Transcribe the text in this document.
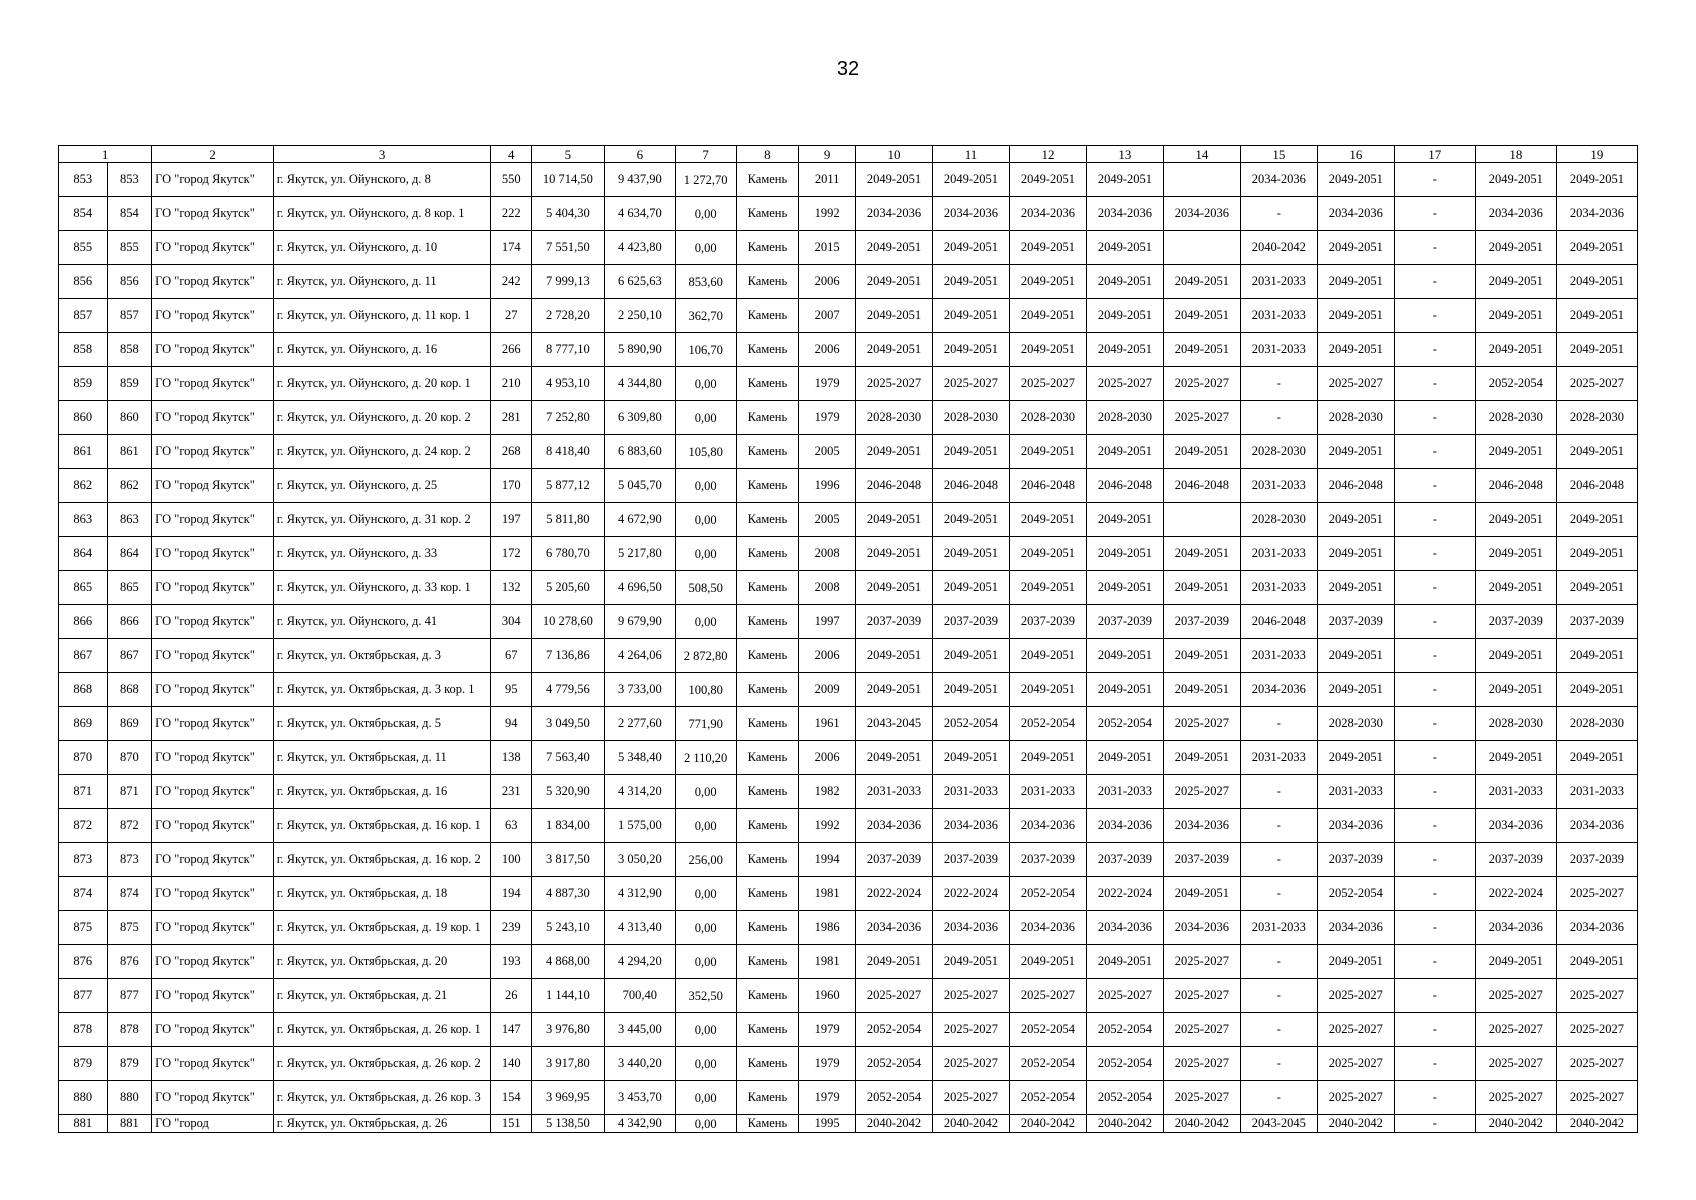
32
1		2	3	4	5	6	7	8	9	10	11	12	13	14	15	16	17	18	19
853	853	ГО "город Якутск"	г. Якутск, ул. Ойунского, д. 8	550	10 714,50	9 437,90	1 272,70	Камень	2011	2049-2051	2049-2051	2049-2051	2049-2051		2034-2036	2049-2051	-	2049-2051	2049-2051
854	854	ГО "город Якутск"	г. Якутск, ул. Ойунского, д. 8 кор. 1	222	5 404,30	4 634,70	0,00	Камень	1992	2034-2036	2034-2036	2034-2036	2034-2036	2034-2036	-	2034-2036	-	2034-2036	2034-2036
855	855	ГО "город Якутск"	г. Якутск, ул. Ойунского, д. 10	174	7 551,50	4 423,80	0,00	Камень	2015	2049-2051	2049-2051	2049-2051	2049-2051		2040-2042	2049-2051	-	2049-2051	2049-2051
856	856	ГО "город Якутск"	г. Якутск, ул. Ойунского, д. 11	242	7 999,13	6 625,63	853,60	Камень	2006	2049-2051	2049-2051	2049-2051	2049-2051	2049-2051	2031-2033	2049-2051	-	2049-2051	2049-2051
857	857	ГО "город Якутск"	г. Якутск, ул. Ойунского, д. 11 кор. 1	27	2 728,20	2 250,10	362,70	Камень	2007	2049-2051	2049-2051	2049-2051	2049-2051	2049-2051	2031-2033	2049-2051	-	2049-2051	2049-2051
858	858	ГО "город Якутск"	г. Якутск, ул. Ойунского, д. 16	266	8 777,10	5 890,90	106,70	Камень	2006	2049-2051	2049-2051	2049-2051	2049-2051	2049-2051	2031-2033	2049-2051	-	2049-2051	2049-2051
859	859	ГО "город Якутск"	г. Якутск, ул. Ойунского, д. 20 кор. 1	210	4 953,10	4 344,80	0,00	Камень	1979	2025-2027	2025-2027	2025-2027	2025-2027	2025-2027	-	2025-2027	-	2052-2054	2025-2027
860	860	ГО "город Якутск"	г. Якутск, ул. Ойунского, д. 20 кор. 2	281	7 252,80	6 309,80	0,00	Камень	1979	2028-2030	2028-2030	2028-2030	2028-2030	2025-2027	-	2028-2030	-	2028-2030	2028-2030
861	861	ГО "город Якутск"	г. Якутск, ул. Ойунского, д. 24 кор. 2	268	8 418,40	6 883,60	105,80	Камень	2005	2049-2051	2049-2051	2049-2051	2049-2051	2049-2051	2028-2030	2049-2051	-	2049-2051	2049-2051
862	862	ГО "город Якутск"	г. Якутск, ул. Ойунского, д. 25	170	5 877,12	5 045,70	0,00	Камень	1996	2046-2048	2046-2048	2046-2048	2046-2048	2046-2048	2031-2033	2046-2048	-	2046-2048	2046-2048
863	863	ГО "город Якутск"	г. Якутск, ул. Ойунского, д. 31 кор. 2	197	5 811,80	4 672,90	0,00	Камень	2005	2049-2051	2049-2051	2049-2051	2049-2051		2028-2030	2049-2051	-	2049-2051	2049-2051
864	864	ГО "город Якутск"	г. Якутск, ул. Ойунского, д. 33	172	6 780,70	5 217,80	0,00	Камень	2008	2049-2051	2049-2051	2049-2051	2049-2051	2049-2051	2031-2033	2049-2051	-	2049-2051	2049-2051
865	865	ГО "город Якутск"	г. Якутск, ул. Ойунского, д. 33 кор. 1	132	5 205,60	4 696,50	508,50	Камень	2008	2049-2051	2049-2051	2049-2051	2049-2051	2049-2051	2031-2033	2049-2051	-	2049-2051	2049-2051
866	866	ГО "город Якутск"	г. Якутск, ул. Ойунского, д. 41	304	10 278,60	9 679,90	0,00	Камень	1997	2037-2039	2037-2039	2037-2039	2037-2039	2037-2039	2046-2048	2037-2039	-	2037-2039	2037-2039
867	867	ГО "город Якутск"	г. Якутск, ул. Октябрьская, д. 3	67	7 136,86	4 264,06	2 872,80	Камень	2006	2049-2051	2049-2051	2049-2051	2049-2051	2049-2051	2031-2033	2049-2051	-	2049-2051	2049-2051
868	868	ГО "город Якутск"	г. Якутск, ул. Октябрьская, д. 3 кор. 1	95	4 779,56	3 733,00	100,80	Камень	2009	2049-2051	2049-2051	2049-2051	2049-2051	2049-2051	2034-2036	2049-2051	-	2049-2051	2049-2051
869	869	ГО "город Якутск"	г. Якутск, ул. Октябрьская, д. 5	94	3 049,50	2 277,60	771,90	Камень	1961	2043-2045	2052-2054	2052-2054	2052-2054	2025-2027	-	2028-2030	-	2028-2030	2028-2030
870	870	ГО "город Якутск"	г. Якутск, ул. Октябрьская, д. 11	138	7 563,40	5 348,40	2 110,20	Камень	2006	2049-2051	2049-2051	2049-2051	2049-2051	2049-2051	2031-2033	2049-2051	-	2049-2051	2049-2051
871	871	ГО "город Якутск"	г. Якутск, ул. Октябрьская, д. 16	231	5 320,90	4 314,20	0,00	Камень	1982	2031-2033	2031-2033	2031-2033	2031-2033	2025-2027	-	2031-2033	-	2031-2033	2031-2033
872	872	ГО "город Якутск"	г. Якутск, ул. Октябрьская, д. 16 кор. 1	63	1 834,00	1 575,00	0,00	Камень	1992	2034-2036	2034-2036	2034-2036	2034-2036	2034-2036	-	2034-2036	-	2034-2036	2034-2036
873	873	ГО "город Якутск"	г. Якутск, ул. Октябрьская, д. 16 кор. 2	100	3 817,50	3 050,20	256,00	Камень	1994	2037-2039	2037-2039	2037-2039	2037-2039	2037-2039	-	2037-2039	-	2037-2039	2037-2039
874	874	ГО "город Якутск"	г. Якутск, ул. Октябрьская, д. 18	194	4 887,30	4 312,90	0,00	Камень	1981	2022-2024	2022-2024	2052-2054	2022-2024	2049-2051	-	2052-2054	-	2022-2024	2025-2027
875	875	ГО "город Якутск"	г. Якутск, ул. Октябрьская, д. 19 кор. 1	239	5 243,10	4 313,40	0,00	Камень	1986	2034-2036	2034-2036	2034-2036	2034-2036	2034-2036	2031-2033	2034-2036	-	2034-2036	2034-2036
876	876	ГО "город Якутск"	г. Якутск, ул. Октябрьская, д. 20	193	4 868,00	4 294,20	0,00	Камень	1981	2049-2051	2049-2051	2049-2051	2049-2051	2025-2027	-	2049-2051	-	2049-2051	2049-2051
877	877	ГО "город Якутск"	г. Якутск, ул. Октябрьская, д. 21	26	1 144,10	700,40	352,50	Камень	1960	2025-2027	2025-2027	2025-2027	2025-2027	2025-2027	-	2025-2027	-	2025-2027	2025-2027
878	878	ГО "город Якутск"	г. Якутск, ул. Октябрьская, д. 26 кор. 1	147	3 976,80	3 445,00	0,00	Камень	1979	2052-2054	2025-2027	2052-2054	2052-2054	2025-2027	-	2025-2027	-	2025-2027	2025-2027
879	879	ГО "город Якутск"	г. Якутск, ул. Октябрьская, д. 26 кор. 2	140	3 917,80	3 440,20	0,00	Камень	1979	2052-2054	2025-2027	2052-2054	2052-2054	2025-2027	-	2025-2027	-	2025-2027	2025-2027
880	880	ГО "город Якутск"	г. Якутск, ул. Октябрьская, д. 26 кор. 3	154	3 969,95	3 453,70	0,00	Камень	1979	2052-2054	2025-2027	2052-2054	2052-2054	2025-2027	-	2025-2027	-	2025-2027	2025-2027
881	881	ГО "город	г. Якутск, ул. Октябрьская, д. 26	151	5 138,50	4 342,90	0,00	Камень	1995	2040-2042	2040-2042	2040-2042	2040-2042	2040-2042	2043-2045	2040-2042	-	2040-2042	2040-2042
